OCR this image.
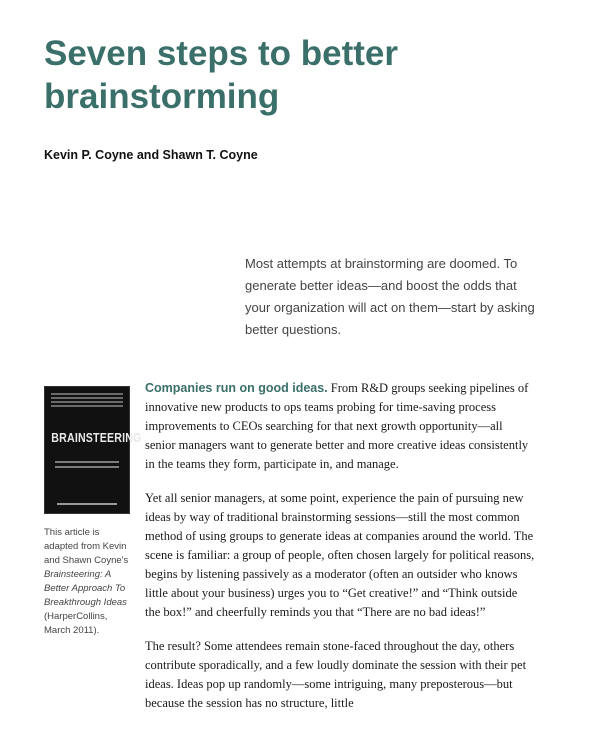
Seven steps to better brainstorming
Kevin P. Coyne and Shawn T. Coyne
Most attempts at brainstorming are doomed. To generate better ideas—and boost the odds that your organization will act on them—start by asking better questions.
BRAINSTEERING
This article is adapted from Kevin and Shawn Coyne's Brainsteering: A Better Approach To Breakthrough Ideas (HarperCollins, March 2011).

Companies run on good ideas. From R&D groups seeking pipelines of innovative new products to ops teams probing for time-saving process improvements to CEOs searching for that next growth opportunity—all senior managers want to generate better and more creative ideas consistently in the teams they form, participate in, and manage.

Yet all senior managers, at some point, experience the pain of pursuing new ideas by way of traditional brainstorming sessions—still the most common method of using groups to generate ideas at companies around the world. The scene is familiar: a group of people, often chosen largely for political reasons, begins by listening passively as a moderator (often an outsider who knows little about your business) urges you to “Get creative!” and “Think outside the box!” and cheerfully reminds you that “There are no bad ideas!”

The result? Some attendees remain stone-faced throughout the day, others contribute sporadically, and a few loudly dominate the session with their pet ideas. Ideas pop up randomly—some intriguing, many preposterous—but because the session has no structure, little
